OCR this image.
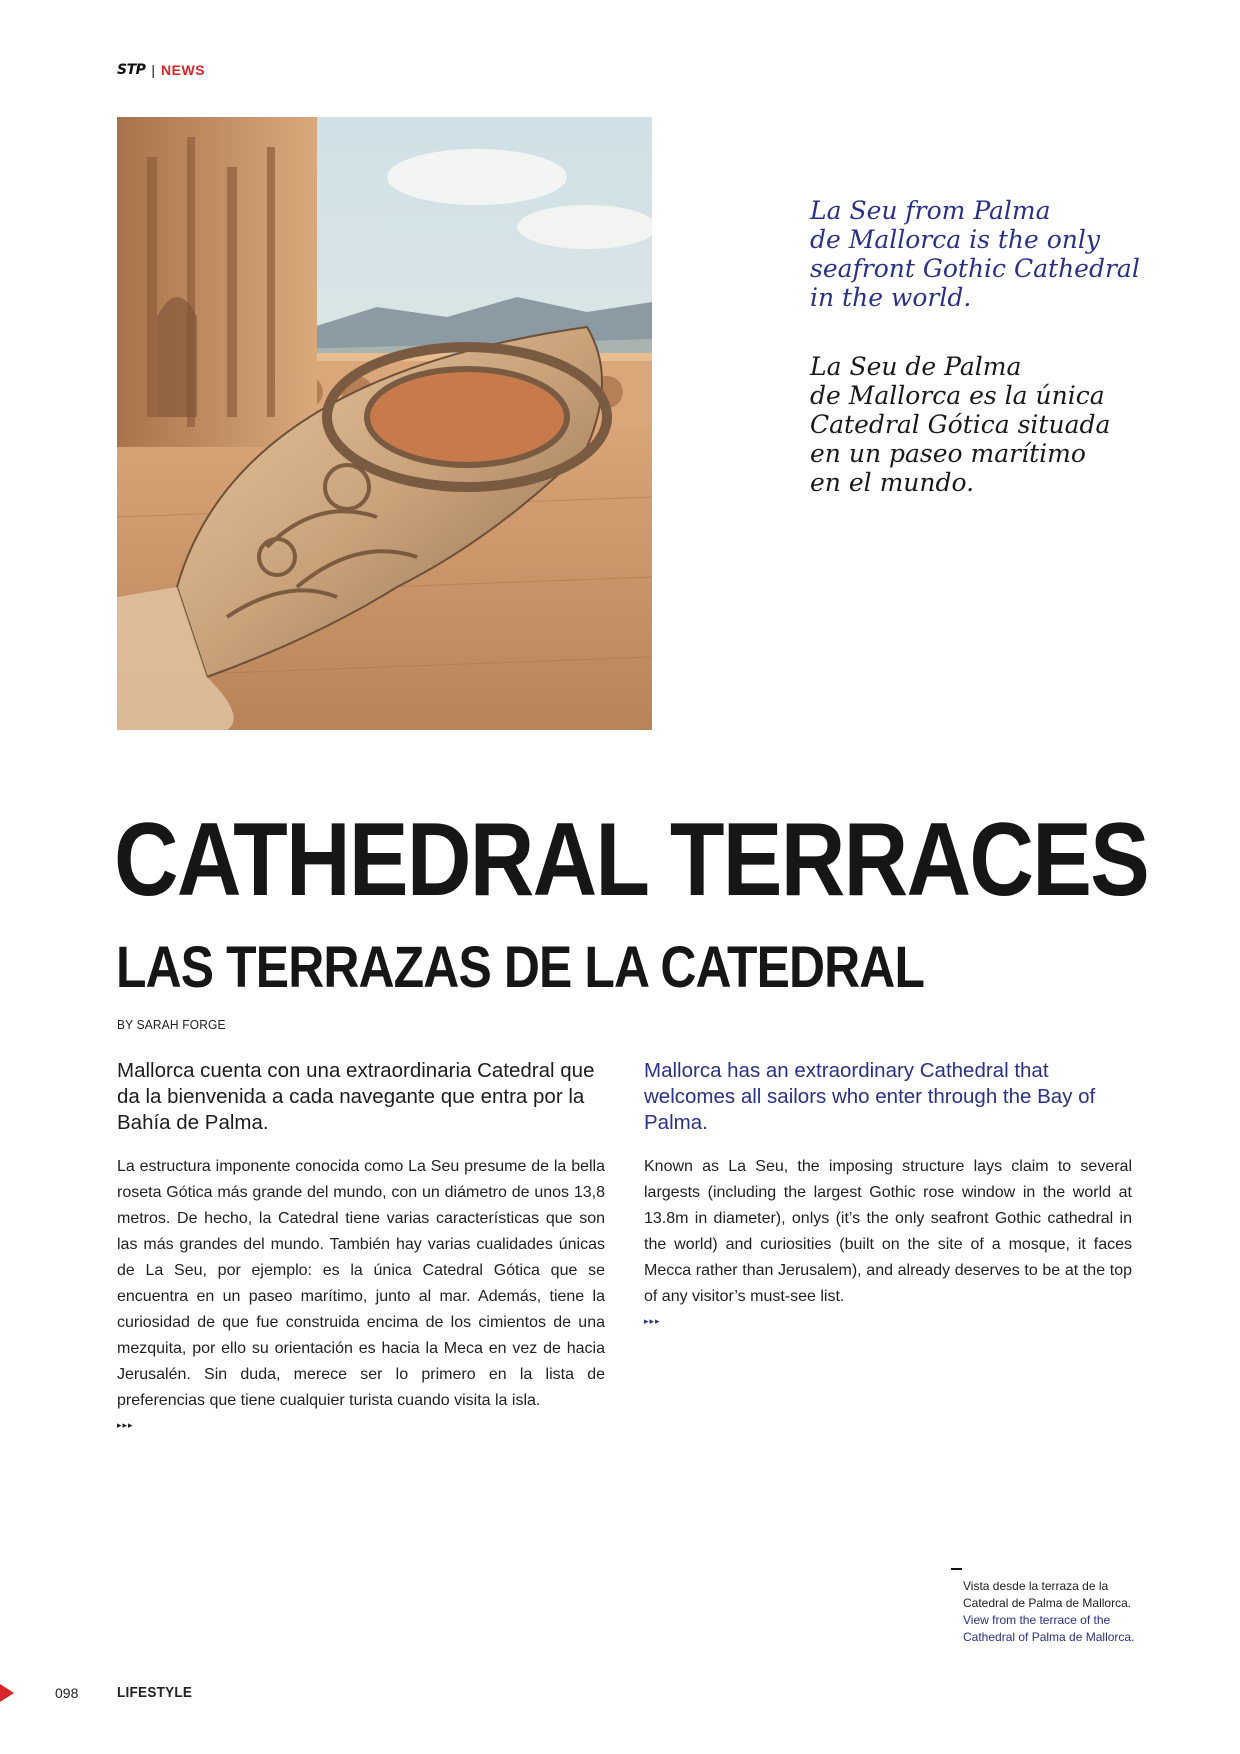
STP | NEWS

La Seu from Palma
de Mallorca is the only
seafront Gothic Cathedral
in the world.

La Seu de Palma
de Mallorca es la única
Catedral Gótica situada
en un paseo marítimo
en el mundo.

CATHEDRAL TERRACES
LAS TERRAZAS DE LA CATEDRAL
BY SARAH FORGE

Mallorca cuenta con una extraordinaria Catedral que da la bienvenida a cada navegante que entra por la Bahía de Palma.

La estructura imponente conocida como La Seu presume de la bella roseta Gótica más grande del mundo, con un diámetro de unos 13,8 metros. De hecho, la Catedral tiene varias características que son las más grandes del mundo. También hay varias cualidades únicas de La Seu, por ejemplo: es la única Catedral Gótica que se encuentra en un paseo marítimo, junto al mar. Además, tiene la curiosidad de que fue construida encima de los cimientos de una mezquita, por ello su orientación es hacia la Meca en vez de hacia Jerusalén. Sin duda, merece ser lo primero en la lista de preferencias que tiene cualquier turista cuando visita la isla.

▸▸▸

Mallorca has an extraordinary Cathedral that welcomes all sailors who enter through the Bay of Palma.

Known as La Seu, the imposing structure lays claim to several largests (including the largest Gothic rose window in the world at 13.8m in diameter), onlys (it’s the only seafront Gothic cathedral in the world) and curiosities (built on the site of a mosque, it faces Mecca rather than Jerusalem), and already deserves to be at the top of any visitor’s must-see list.

▸▸▸
Vista desde la terraza de la
Catedral de Palma de Mallorca.
View from the terrace of the
Cathedral of Palma de Mallorca.
098	LIFESTYLE
